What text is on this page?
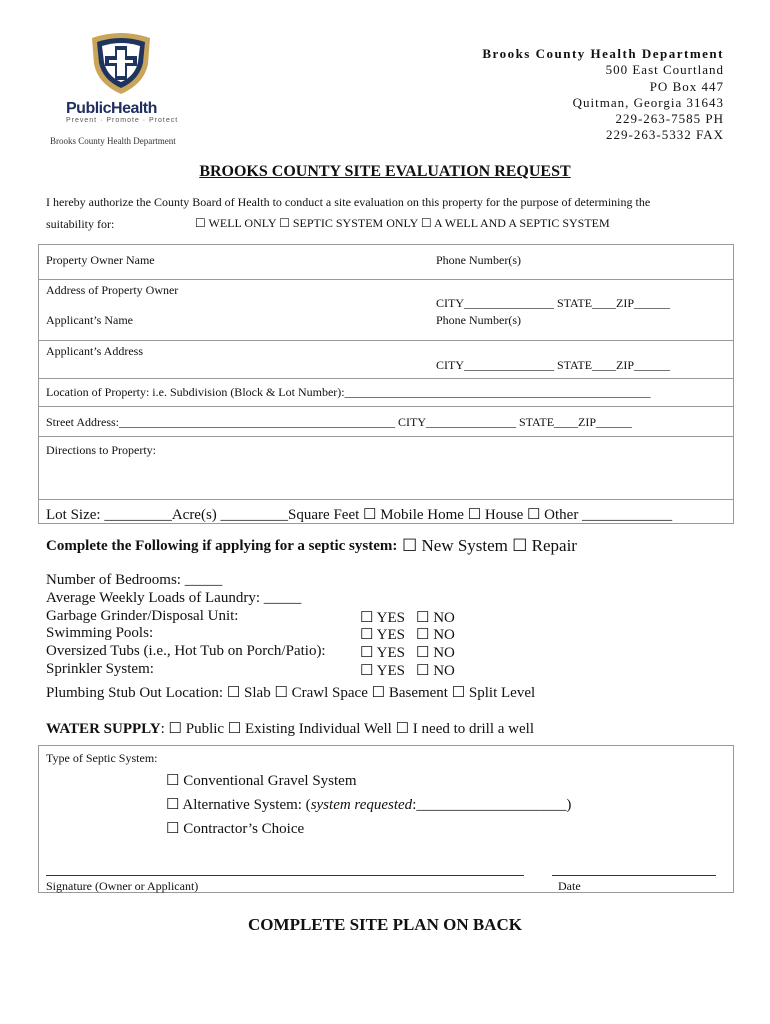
PublicHealth
Prevent · Promote · Protect
Brooks County Health Department
Brooks County Health Department
500 East Courtland
PO Box 447
Quitman, Georgia 31643
229-263-7585 PH
229-263-5332 FAX
BROOKS COUNTY SITE EVALUATION REQUEST
I hereby authorize the County Board of Health to conduct a site evaluation on this property for the purpose of determining the
suitability for:	☐ WELL ONLY ☐ SEPTIC SYSTEM ONLY ☐ A WELL AND A SEPTIC SYSTEM
Property Owner Name	Phone Number(s)
Address of Property Owner
CITY_______________ STATE____ZIP______
Applicant’s Name	Phone Number(s)
Applicant’s Address
CITY_______________ STATE____ZIP______
Location of Property: i.e. Subdivision (Block & Lot Number):___________________________________________________
Street Address:______________________________________________ CITY_______________ STATE____ZIP______
Directions to Property:
Lot Size: _________Acre(s) _________Square Feet ☐ Mobile Home ☐ House ☐ Other ____________
Complete the Following if applying for a septic system: ☐ New System ☐ Repair
Number of Bedrooms: _____
Average Weekly Loads of Laundry: _____
Garbage Grinder/Disposal Unit:	☐ YES ☐ NO
Swimming Pools:	☐ YES ☐ NO
Oversized Tubs (i.e., Hot Tub on Porch/Patio): ☐ YES ☐ NO
Sprinkler System:	☐ YES ☐ NO
Plumbing Stub Out Location: ☐ Slab ☐ Crawl Space ☐ Basement ☐ Split Level
WATER SUPPLY: ☐ Public ☐ Existing Individual Well ☐ I need to drill a well
Type of Septic System:
☐ Conventional Gravel System
☐ Alternative System: (system requested:____________________)
☐ Contractor’s Choice
Signature (Owner or Applicant)	Date
COMPLETE SITE PLAN ON BACK
